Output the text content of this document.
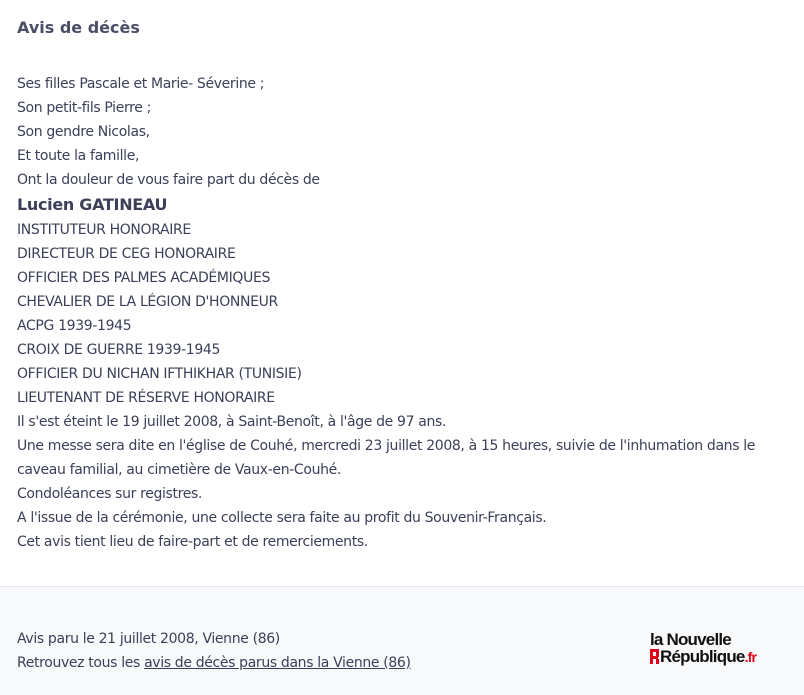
Avis de décès
Ses filles Pascale et Marie- Séverine ;
Son petit-fils Pierre ;
Son gendre Nicolas,
Et toute la famille,
Ont la douleur de vous faire part du décès de
Lucien GATINEAU
INSTITUTEUR HONORAIRE
DIRECTEUR DE CEG HONORAIRE
OFFICIER DES PALMES ACADÉMIQUES
CHEVALIER DE LA LÉGION D'HONNEUR
ACPG 1939-1945
CROIX DE GUERRE 1939-1945
OFFICIER DU NICHAN IFTHIKHAR (TUNISIE)
LIEUTENANT DE RÉSERVE HONORAIRE
Il s'est éteint le 19 juillet 2008, à Saint-Benoît, à l'âge de 97 ans.
Une messe sera dite en l'église de Couhé, mercredi 23 juillet 2008, à 15 heures, suivie de l'inhumation dans le caveau familial, au cimetière de Vaux-en-Couhé.
Condoléances sur registres.
A l'issue de la cérémonie, une collecte sera faite au profit du Souvenir-Français.
Cet avis tient lieu de faire-part et de remerciements.
Avis paru le 21 juillet 2008, Vienne (86)
Retrouvez tous les avis de décès parus dans la Vienne (86)
la Nouvelle
République.fr
